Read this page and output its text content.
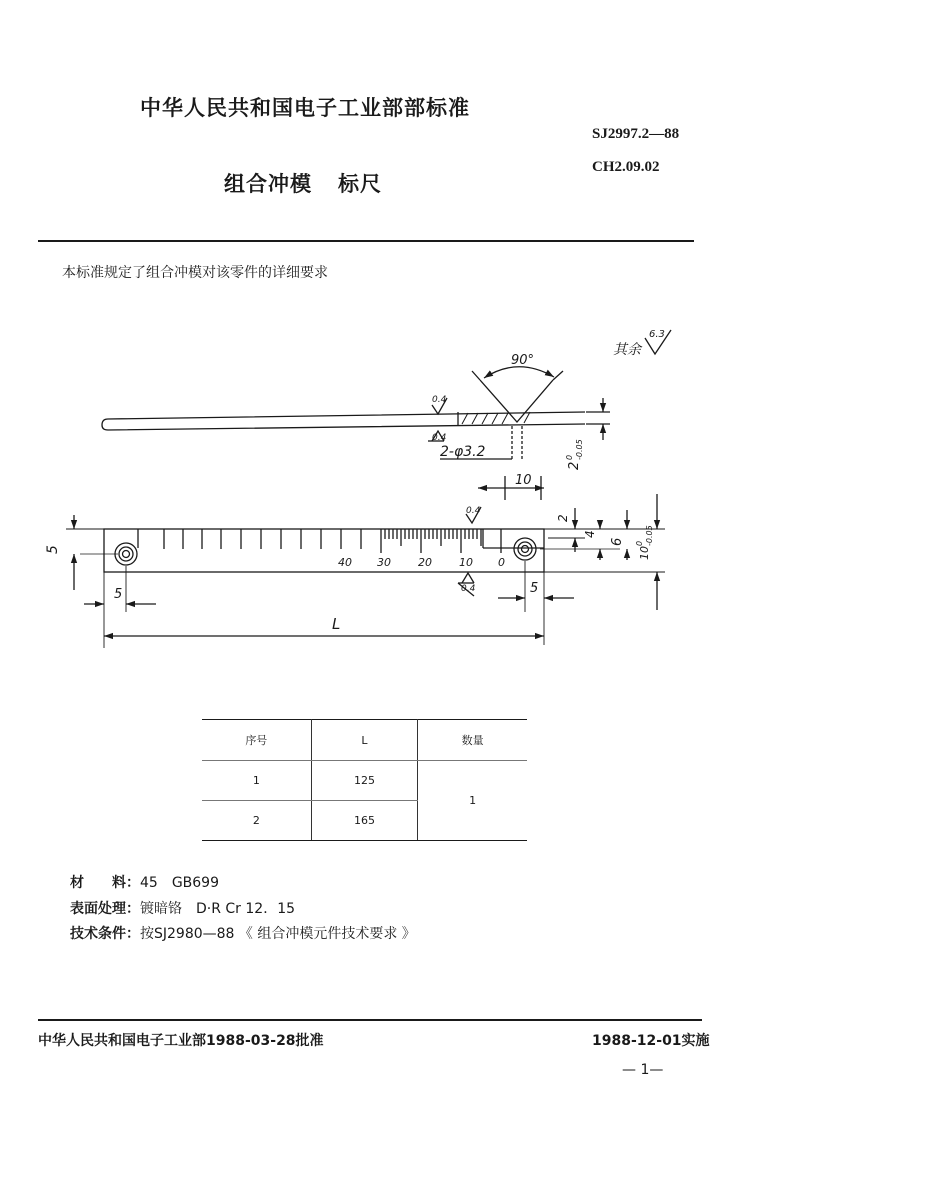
中华人民共和国电子工业部部标准
SJ2997.2—88
CH2.09.02
组合冲模 标尺
本标准规定了组合冲模对该零件的详细要求
其余
6.3
90°
0.4
0.4
2-φ3.2
2
0 -0.05
10
40 30 20 10 0
5
0.4
0.4
2
4
6
10
0 -0.05
5	5
L
序号	L	数量
1	125	1
2	165	
材　　料：45　GB699
表面处理：镀暗铬　D·R Cr 12．15
技术条件：按SJ2980—88 《 组合冲模元件技术要求 》
中华人民共和国电子工业部1988-03-28批准	1988-12-01实施
— 1—
